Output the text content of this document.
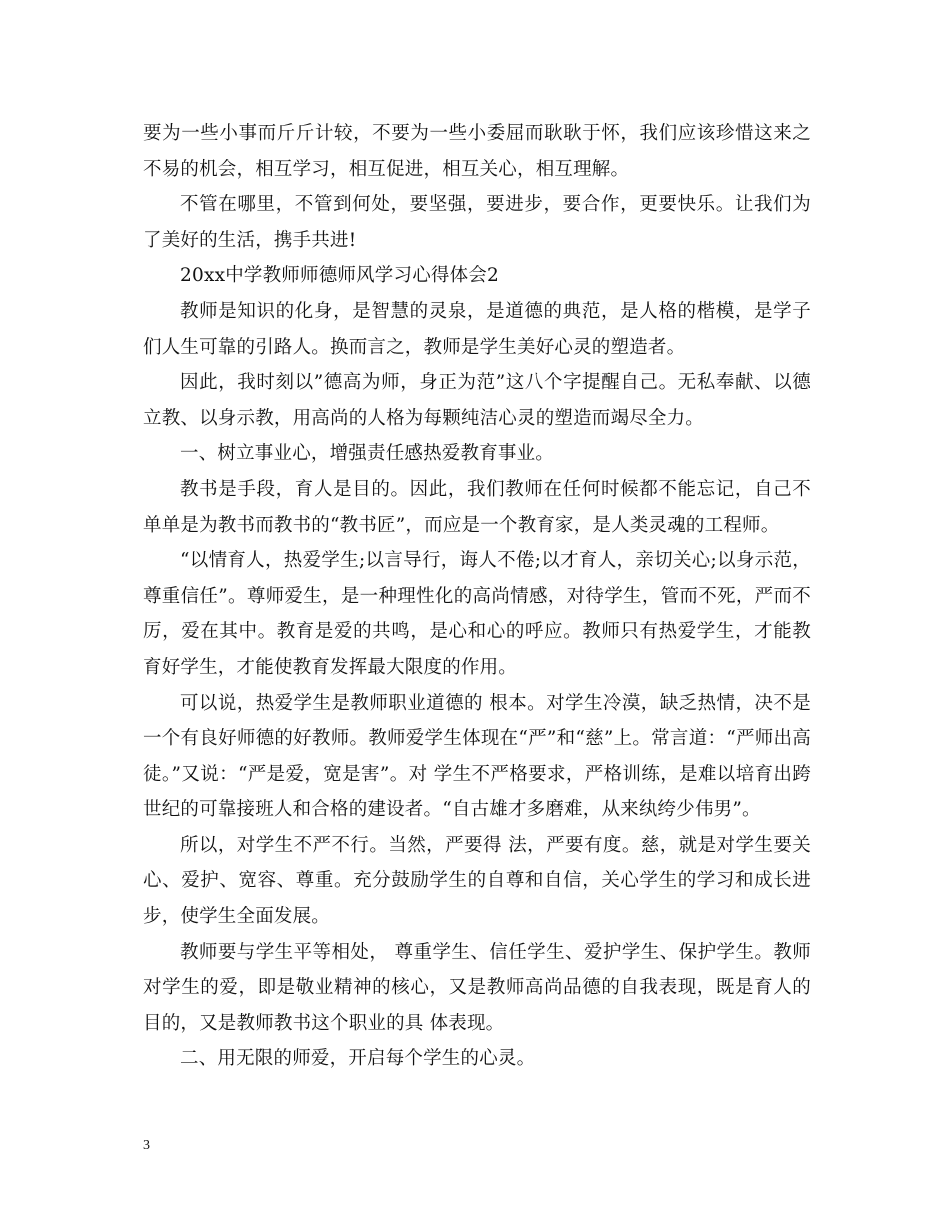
要为一些小事而斤斤计较，不要为一些小委屈而耿耿于怀，我们应该珍惜这来之不易的机会，相互学习，相互促进，相互关心，相互理解。

不管在哪里，不管到何处，要坚强，要进步，要合作，更要快乐。让我们为了美好的生活，携手共进!

20xx中学教师师德师风学习心得体会2

教师是知识的化身，是智慧的灵泉，是道德的典范，是人格的楷模，是学子们人生可靠的引路人。换而言之，教师是学生美好心灵的塑造者。

因此，我时刻以”德高为师，身正为范”这八个字提醒自己。无私奉献、以德立教、以身示教，用高尚的人格为每颗纯洁心灵的塑造而竭尽全力。

一、树立事业心，增强责任感热爱教育事业。

教书是手段，育人是目的。因此，我们教师在任何时候都不能忘记，自己不单单是为教书而教书的“教书匠”，而应是一个教育家，是人类灵魂的工程师。

“以情育人，热爱学生;以言导行，诲人不倦;以才育人，亲切关心;以身示范，尊重信任”。尊师爱生，是一种理性化的高尚情感，对待学生，管而不死，严而不厉，爱在其中。教育是爱的共鸣，是心和心的呼应。教师只有热爱学生，才能教育好学生，才能使教育发挥最大限度的作用。

可以说，热爱学生是教师职业道德的 根本。对学生冷漠，缺乏热情，决不是一个有良好师德的好教师。教师爱学生体现在“严”和“慈”上。常言道：“严师出高徒。”又说：“严是爱，宽是害”。对 学生不严格要求，严格训练，是难以培育出跨世纪的可靠接班人和合格的建设者。“自古雄才多磨难，从来纨绔少伟男”。

所以，对学生不严不行。当然，严要得 法，严要有度。慈，就是对学生要关心、爱护、宽容、尊重。充分鼓励学生的自尊和自信，关心学生的学习和成长进步，使学生全面发展。

教师要与学生平等相处， 尊重学生、信任学生、爱护学生、保护学生。教师对学生的爱，即是敬业精神的核心，又是教师高尚品德的自我表现，既是育人的目的，又是教师教书这个职业的具 体表现。

二、用无限的师爱，开启每个学生的心灵。

3
